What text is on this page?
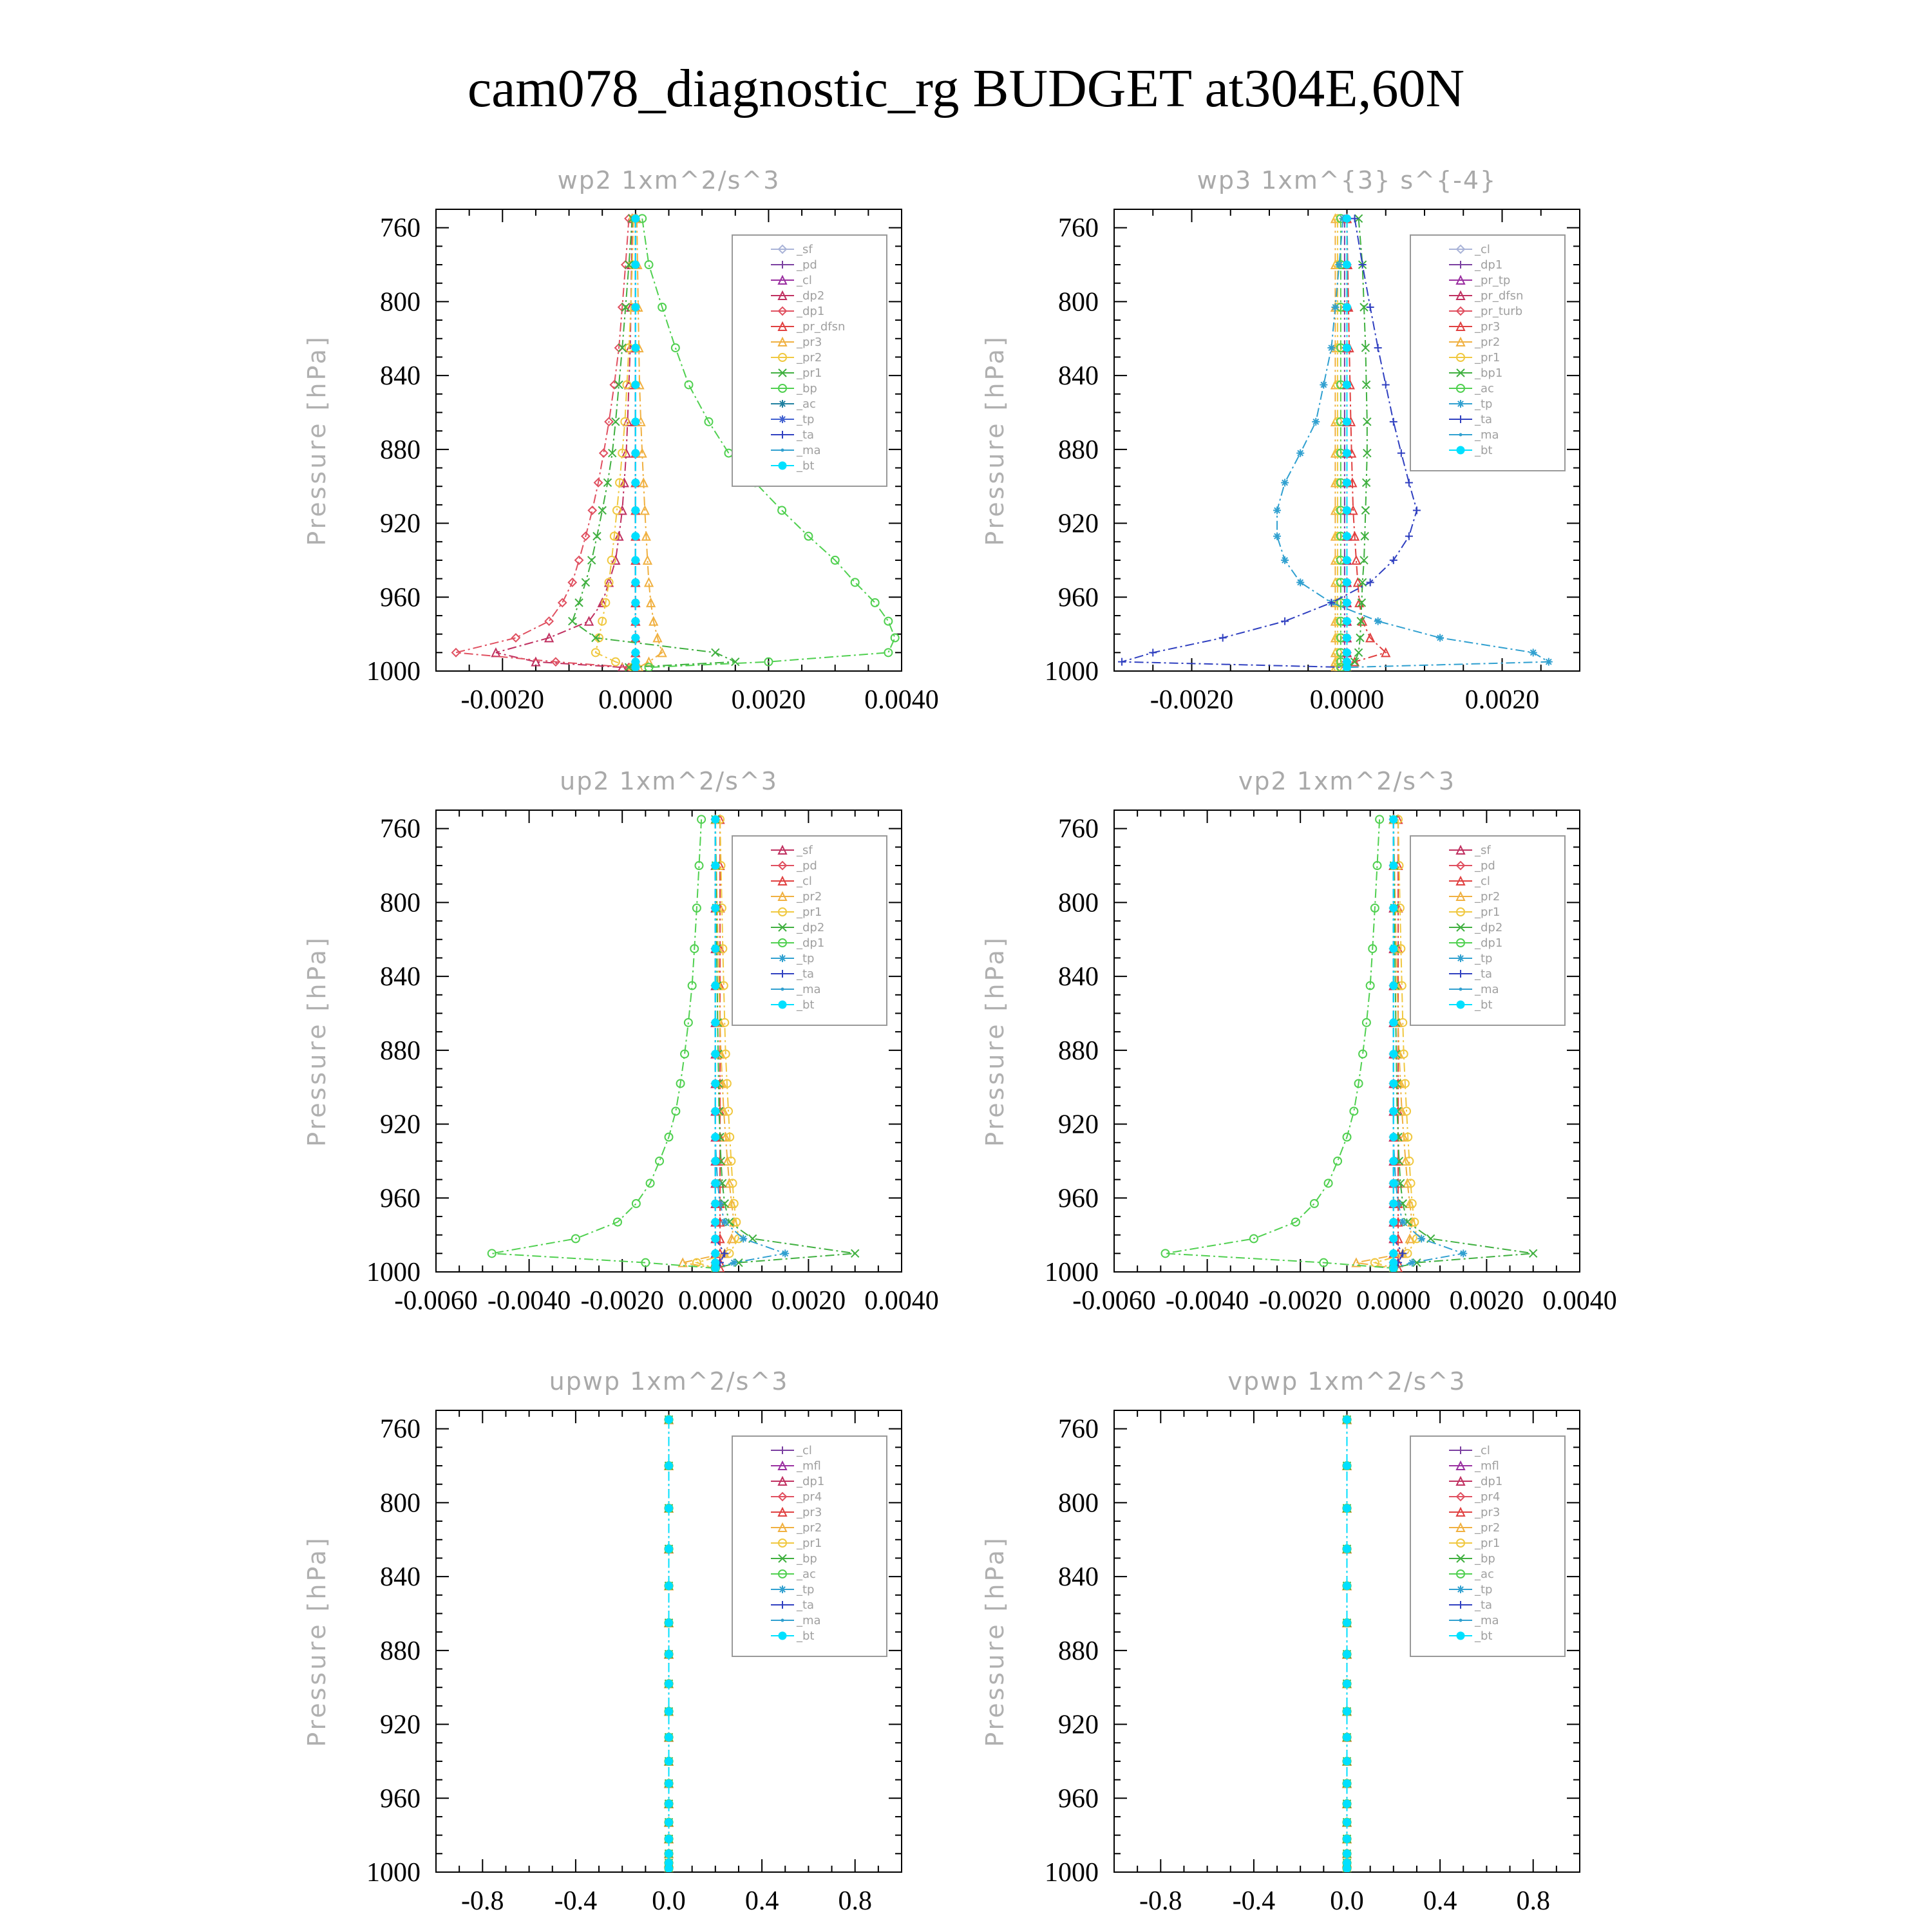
cam078_diagnostic_rg BUDGET at304E,60N
wp2 1xm^2/s^3
Pressure [hPa]
760
800
840
880
920
960
1000
-0.0020 0.0000 0.0020 0.0040
_sf
_pd
_cl
_dp2
_dp1
_pr_dfsn
_pr3
_pr2
_pr1
_bp
_ac
_tp
_ta
_ma
_bt
wp3 1xm^{3} s^{-4}
Pressure [hPa]
760
800
840
880
920
960
1000
-0.0020	0.0000	0.0020
_cl
_dp1
_pr_tp
_pr_dfsn
_pr_turb
_pr3
_pr2
_pr1
_bp1
_ac
_tp
_ta
_ma
_bt
up2 1xm^2/s^3
Pressure [hPa]
760
800
840
880
920
960
1000
-0.0060 -0.0040 -0.0020 0.0000 0.0020 0.0040
_sf
_pd
_cl
_pr2
_pr1
_dp2
_dp1
_tp
_ta
_ma
_bt
vp2 1xm^2/s^3
Pressure [hPa]
760
800
840
880
920
960
1000
-0.0060 -0.0040 -0.0020 0.0000 0.0020 0.0040
_sf
_pd
_cl
_pr2
_pr1
_dp2
_dp1
_tp
_ta
_ma
_bt
upwp 1xm^2/s^3
Pressure [hPa]
760
800
840
880
920
960
1000
-0.8 -0.4 0.0 0.4 0.8
_cl
_mfl
_dp1
_pr4
_pr3
_pr2
_pr1
_bp
_ac
_tp
_ta
_ma
_bt
vpwp 1xm^2/s^3
Pressure [hPa]
760
800
840
880
920
960
1000
-0.8 -0.4 0.0 0.4 0.8
_cl
_mfl
_dp1
_pr4
_pr3
_pr2
_pr1
_bp
_ac
_tp
_ta
_ma
_bt
